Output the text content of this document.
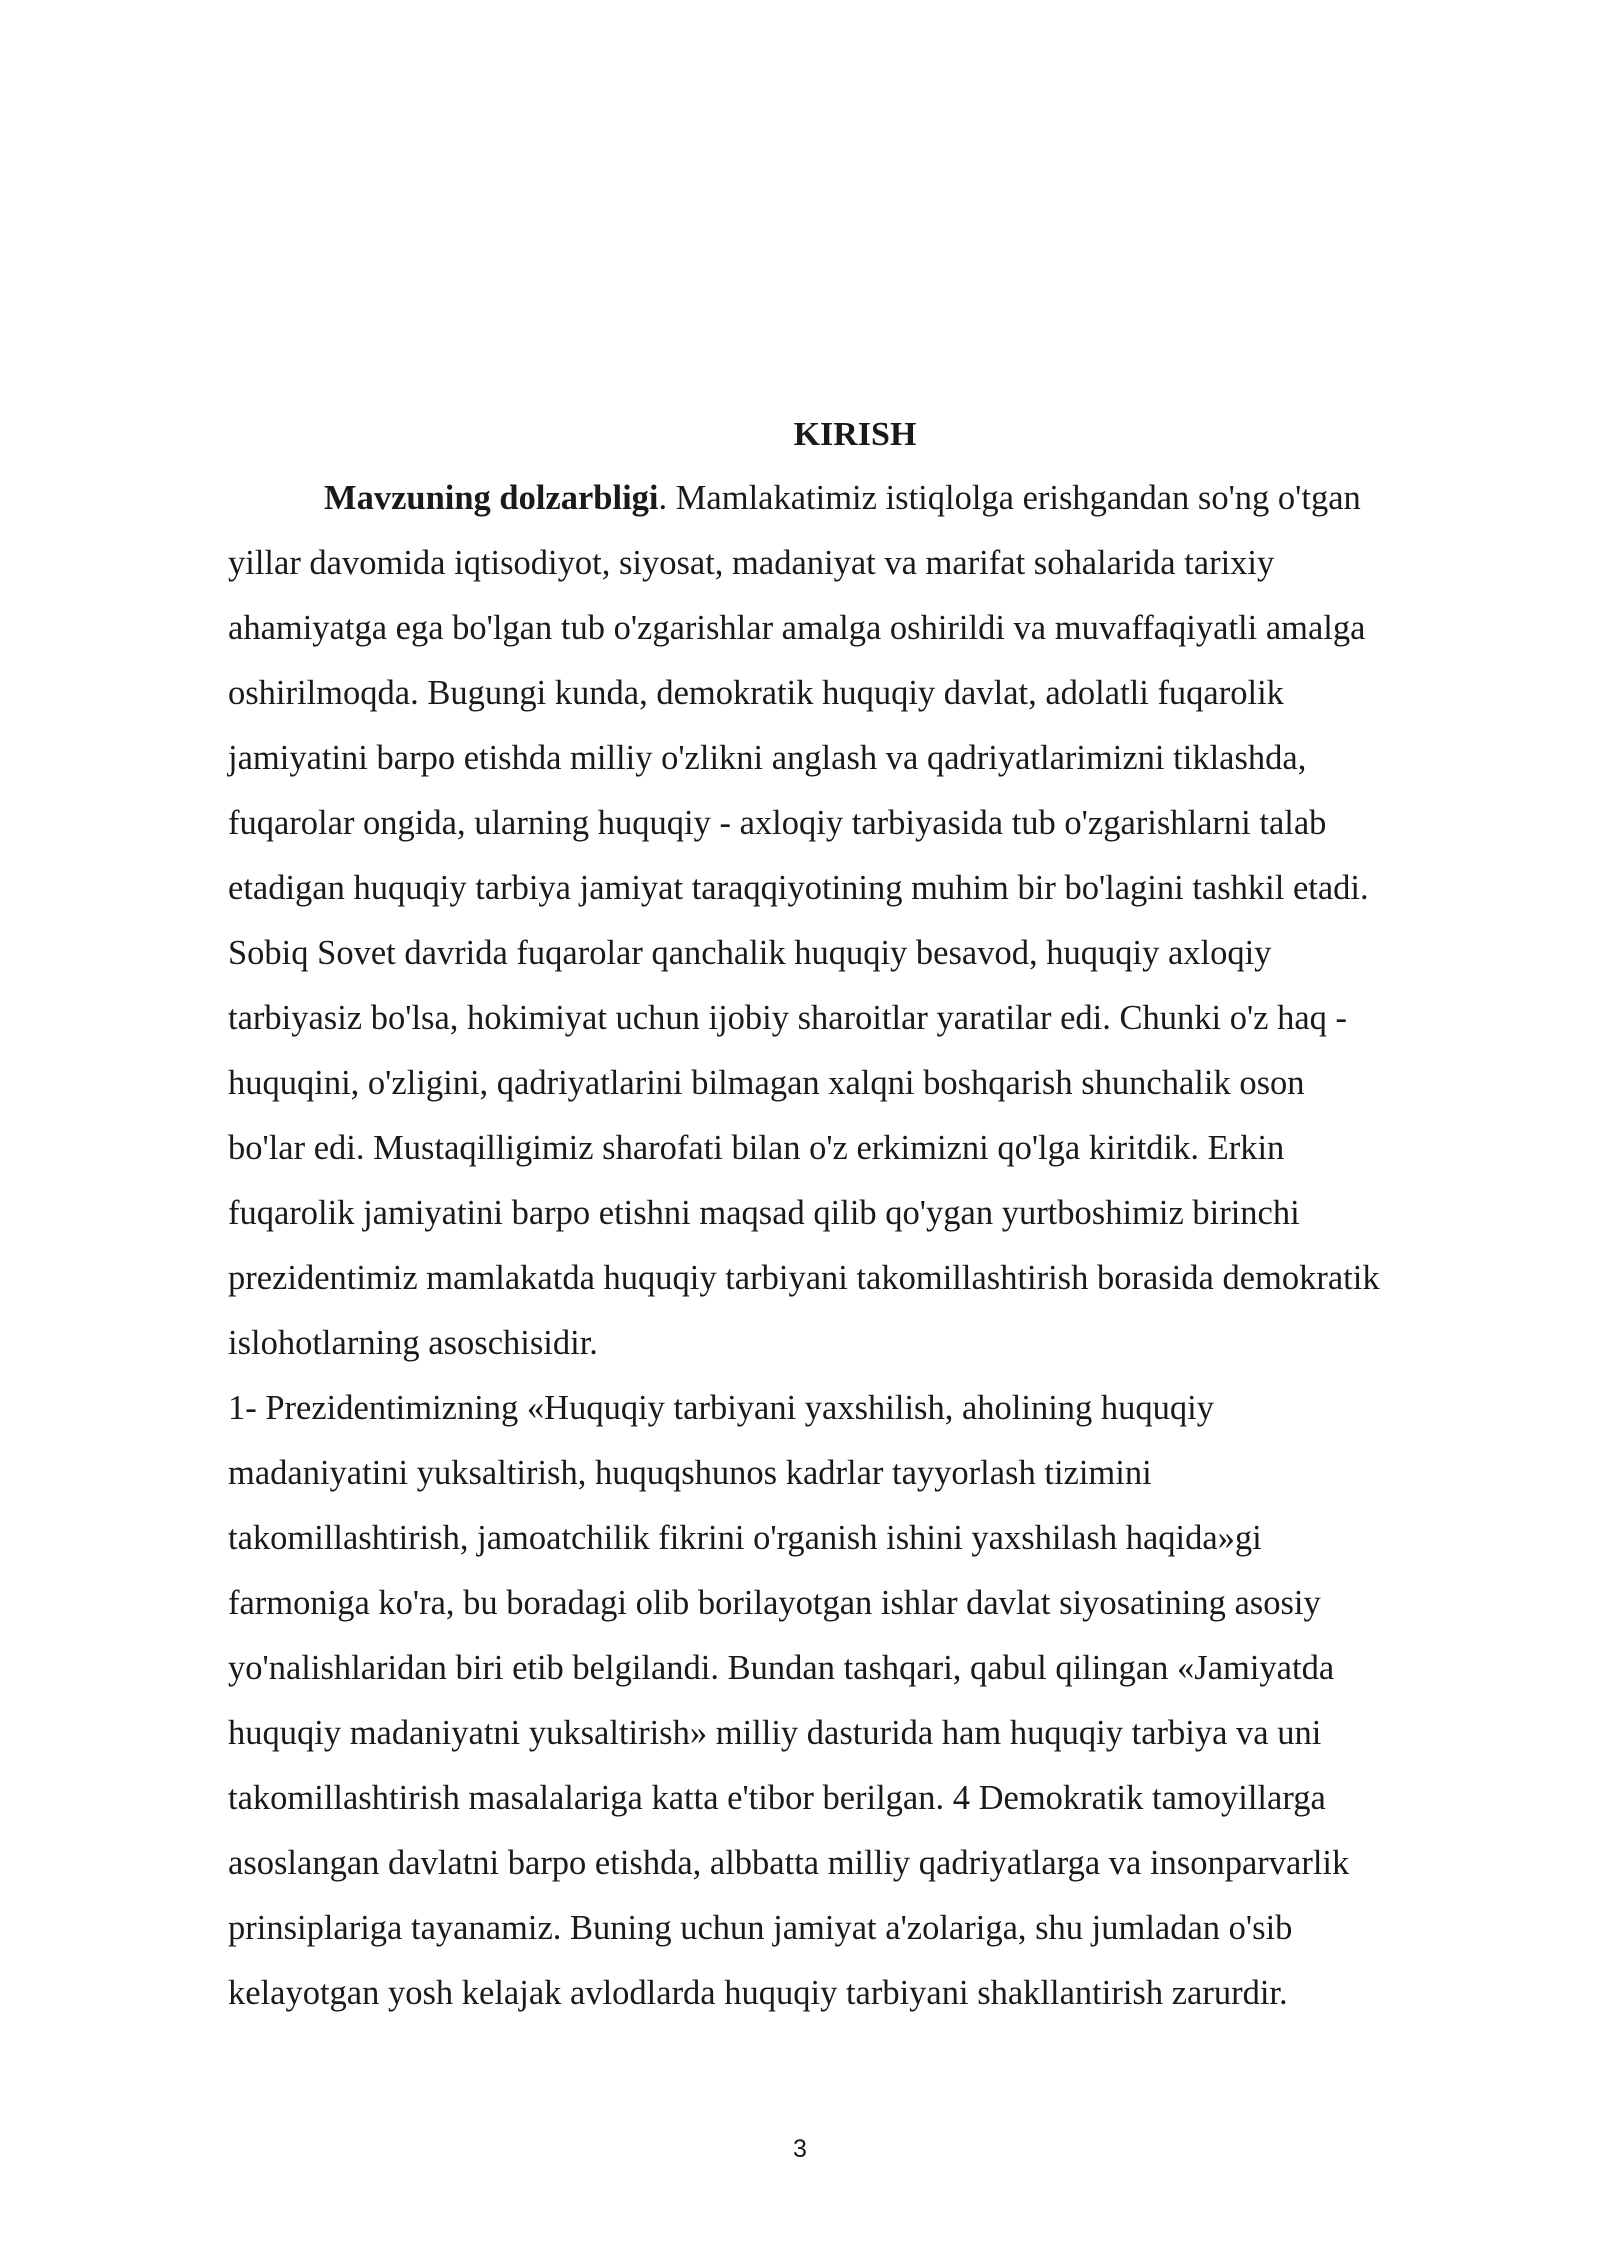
KIRISH
Mavzuning dolzarbligi. Mamlakatimiz istiqlolga erishgandan so'ng o'tgan
yillar davomida iqtisodiyot, siyosat, madaniyat va marifat sohalarida tarixiy
ahamiyatga ega bo'lgan tub o'zgarishlar amalga oshirildi va muvaffaqiyatli amalga
oshirilmoqda. Bugungi kunda, demokratik huquqiy davlat, adolatli fuqarolik
jamiyatini barpo etishda milliy o'zlikni anglash va qadriyatlarimizni tiklashda,
fuqarolar ongida, ularning huquqiy - axloqiy tarbiyasida tub o'zgarishlarni talab
etadigan huquqiy tarbiya jamiyat taraqqiyotining muhim bir bo'lagini tashkil etadi.
Sobiq Sovet davrida fuqarolar qanchalik huquqiy besavod, huquqiy axloqiy
tarbiyasiz bo'lsa, hokimiyat uchun ijobiy sharoitlar yaratilar edi. Chunki o'z haq -
huquqini, o'zligini, qadriyatlarini bilmagan xalqni boshqarish shunchalik oson
bo'lar edi. Mustaqilligimiz sharofati bilan o'z erkimizni qo'lga kiritdik. Erkin
fuqarolik jamiyatini barpo etishni maqsad qilib qo'ygan yurtboshimiz birinchi
prezidentimiz mamlakatda huquqiy tarbiyani takomillashtirish borasida demokratik
islohotlarning asoschisidir.
1- Prezidentimizning «Huquqiy tarbiyani yaxshilish, aholining huquqiy
madaniyatini yuksaltirish, huquqshunos kadrlar tayyorlash tizimini
takomillashtirish, jamoatchilik fikrini o'rganish ishini yaxshilash haqida»gi
farmoniga ko'ra, bu boradagi olib borilayotgan ishlar davlat siyosatining asosiy
yo'nalishlaridan biri etib belgilandi. Bundan tashqari, qabul qilingan «Jamiyatda
huquqiy madaniyatni yuksaltirish» milliy dasturida ham huquqiy tarbiya va uni
takomillashtirish masalalariga katta e'tibor berilgan. 4 Demokratik tamoyillarga
asoslangan davlatni barpo etishda, albbatta milliy qadriyatlarga va insonparvarlik
prinsiplariga tayanamiz. Buning uchun jamiyat a'zolariga, shu jumladan o'sib
kelayotgan yosh kelajak avlodlarda huquqiy tarbiyani shakllantirish zarurdir.
3
